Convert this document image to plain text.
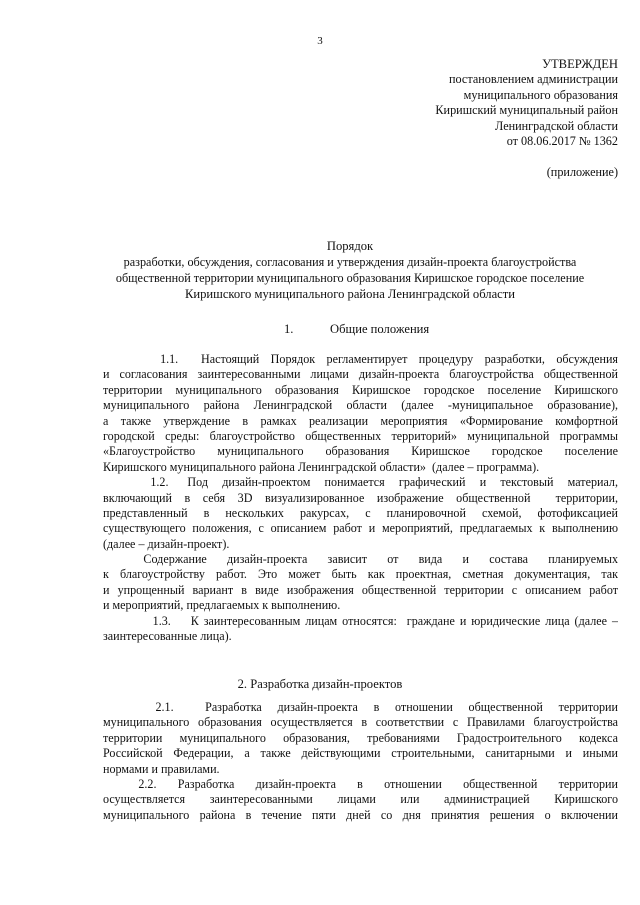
3
УТВЕРЖДЕН
постановлением администрации
муниципального образования
Киришский муниципальный район
Ленинградской области
от 08.06.2017 № 1362
(приложение)
Порядок
разработки, обсуждения, согласования и утверждения дизайн-проекта благоустройства
общественной территории муниципального образования Киришское городское поселение
Киришского муниципального района Ленинградской области
1.	Общие положения
1.1.    Настоящий  Порядок  регламентирует  процедуру  разработки,  обсуждения
и согласования заинтересованными лицами дизайн-проекта благоустройства общественной
территории  муниципального  образования  Киришское  городское  поселение  Киришского
муниципального  района  Ленинградской  области  (далее  -муниципальное  образование),
а  также  утверждение  в  рамках  реализации  мероприятия  «Формирование  комфортной
городской  среды:  благоустройство  общественных  территорий»  муниципальной  программы
«Благоустройство      муниципального      образования      Киришское      городское      поселение
Киришского муниципального района Ленинградской области»  (далее – программа).
1.2.    Под   дизайн-проектом   понимается   графический   и   текстовый   материал,
включающий  в  себя  3D  визуализированное  изображение  общественной    территории,
представленный   в   нескольких   ракурсах,   с   планировочной   схемой,   фотофиксацией
существующего положения, с описанием работ и мероприятий, предлагаемых к выполнению
(далее – дизайн-проект).
Содержание     дизайн-проекта     зависит     от     вида     и     состава     планируемых
к  благоустройству  работ.  Это  может  быть  как  проектная,  сметная  документация,  так
и упрощенный вариант в виде изображения общественной территории с описанием работ
и мероприятий, предлагаемых к выполнению.
1.3.    К заинтересованным лицам относятся:  граждане и юридические лица (далее –
заинтересованные лица).
2. Разработка дизайн-проектов
2.1.      Разработка   дизайн-проекта   в   отношении   общественной   территории
муниципального образования осуществляется в соответствии с Правилами благоустройства
территории   муниципального   образования,   требованиями   Градостроительного   кодекса
Российской  Федерации,  а  также  действующими  строительными,  санитарными  и  иными
нормами и правилами.
2.2.      Разработка      дизайн-проекта      в      отношении      общественной      территории
осуществляется      заинтересованными      лицами      или      администрацией      Киришского
муниципального  района  в  течение  пяти  дней  со  дня  принятия  решения  о  включении
